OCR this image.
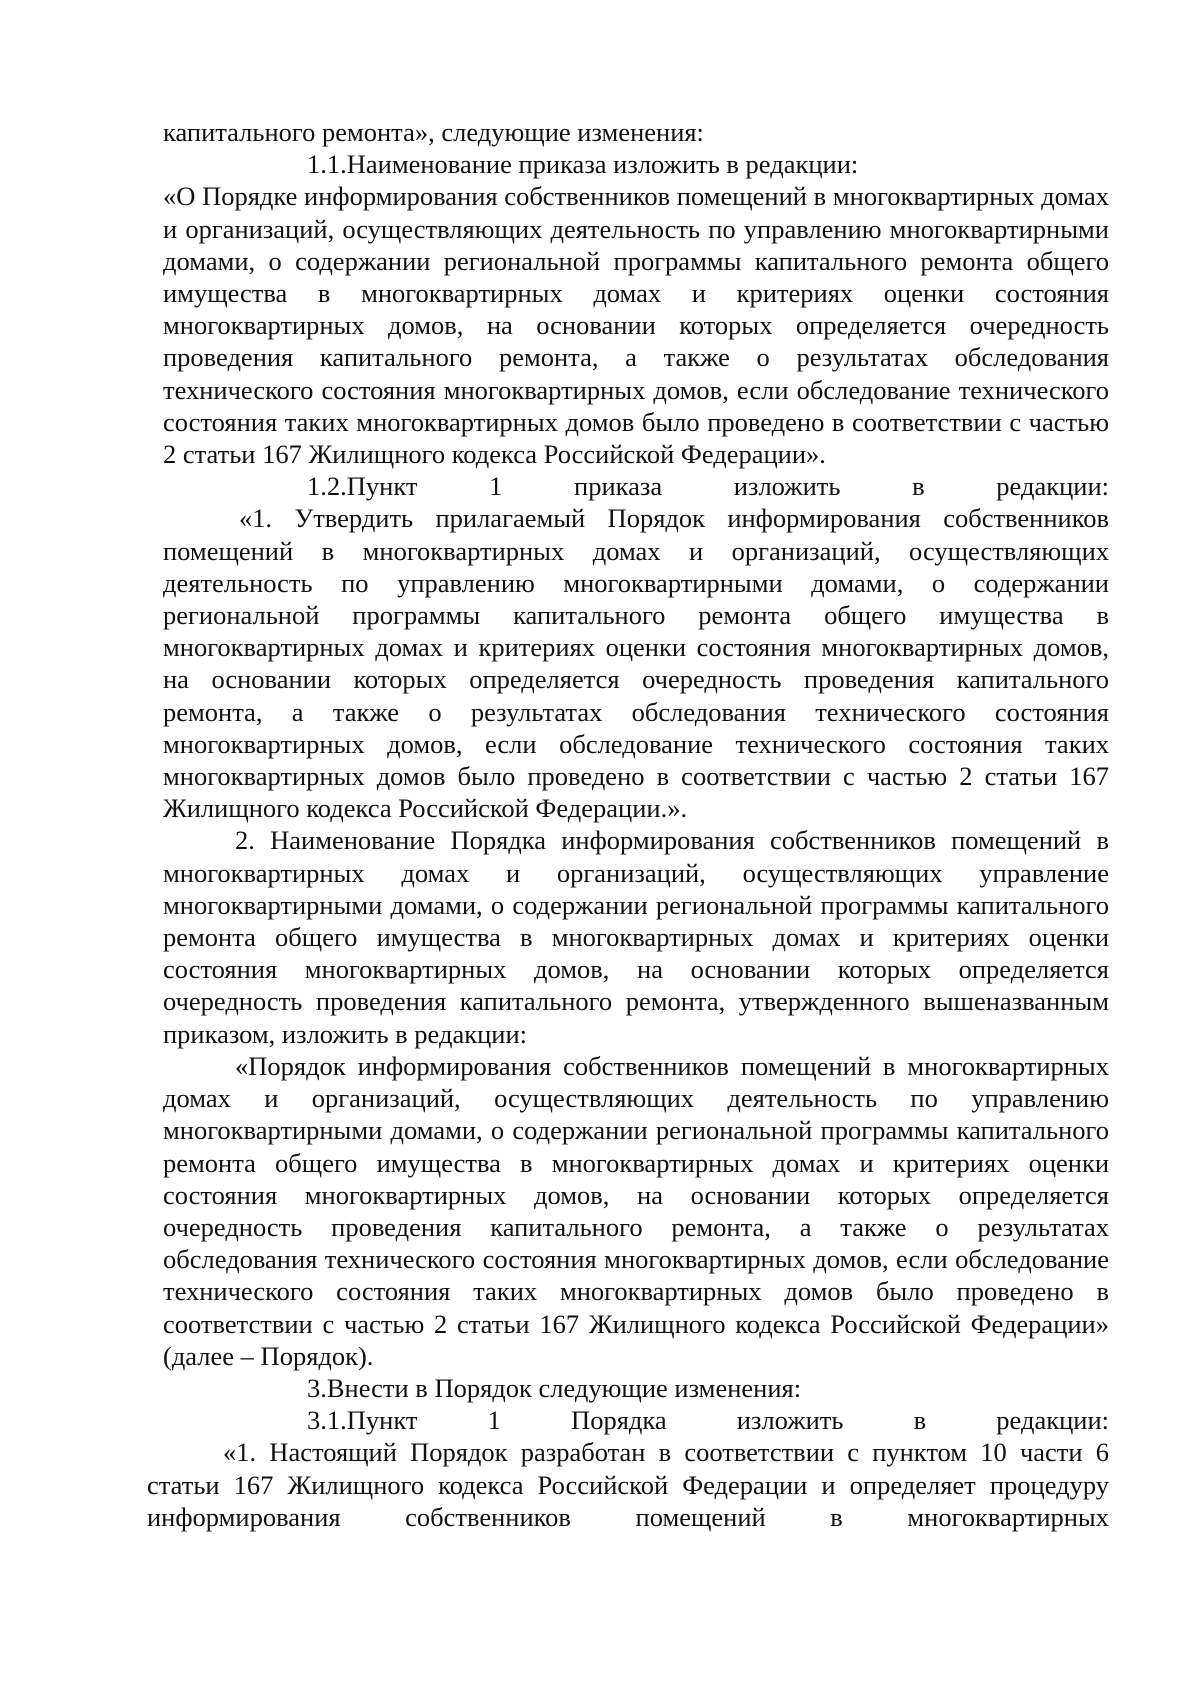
капитального ремонта», следующие изменения:

1.1.Наименование приказа изложить в редакции:

«О Порядке информирования собственников помещений в многоквартирных домах и организаций, осуществляющих деятельность по управлению многоквартирными домами, о содержании региональной программы капитального ремонта общего имущества в многоквартирных домах и критериях оценки состояния многоквартирных домов, на основании которых определяется очередность проведения капитального ремонта, а также о результатах обследования технического состояния многоквартирных домов, если обследование технического состояния таких многоквартирных домов было проведено в соответствии с частью 2 статьи 167 Жилищного кодекса Российской Федерации».

1.2.Пункт 1 приказа изложить в редакции:

«1. Утвердить прилагаемый Порядок информирования собственников помещений в многоквартирных домах и организаций, осуществляющих деятельность по управлению многоквартирными домами, о содержании региональной программы капитального ремонта общего имущества в многоквартирных домах и критериях оценки состояния многоквартирных домов, на основании которых определяется очередность проведения капитального ремонта, а также о результатах обследования технического состояния многоквартирных домов, если обследование технического состояния таких многоквартирных домов было проведено в соответствии с частью 2 статьи 167 Жилищного кодекса Российской Федерации.».

2. Наименование Порядка информирования собственников помещений в многоквартирных домах и организаций, осуществляющих управление многоквартирными домами, о содержании региональной программы капитального ремонта общего имущества в многоквартирных домах и критериях оценки состояния многоквартирных домов, на основании которых определяется очередность проведения капитального ремонта, утвержденного вышеназванным приказом, изложить в редакции:

«Порядок информирования собственников помещений в многоквартирных домах и организаций, осуществляющих деятельность по управлению многоквартирными домами, о содержании региональной программы капитального ремонта общего имущества в многоквартирных домах и критериях оценки состояния многоквартирных домов, на основании которых определяется очередность проведения капитального ремонта, а также о результатах обследования технического состояния многоквартирных домов, если обследование технического состояния таких многоквартирных домов было проведено в соответствии с частью 2 статьи 167 Жилищного кодекса Российской Федерации» (далее – Порядок).

3.Внести в Порядок следующие изменения:

3.1.Пункт 1 Порядка изложить в редакции:

«1. Настоящий Порядок разработан в соответствии с пунктом 10 части 6 статьи 167 Жилищного кодекса Российской Федерации и определяет процедуру информирования собственников помещений в многоквартирных
